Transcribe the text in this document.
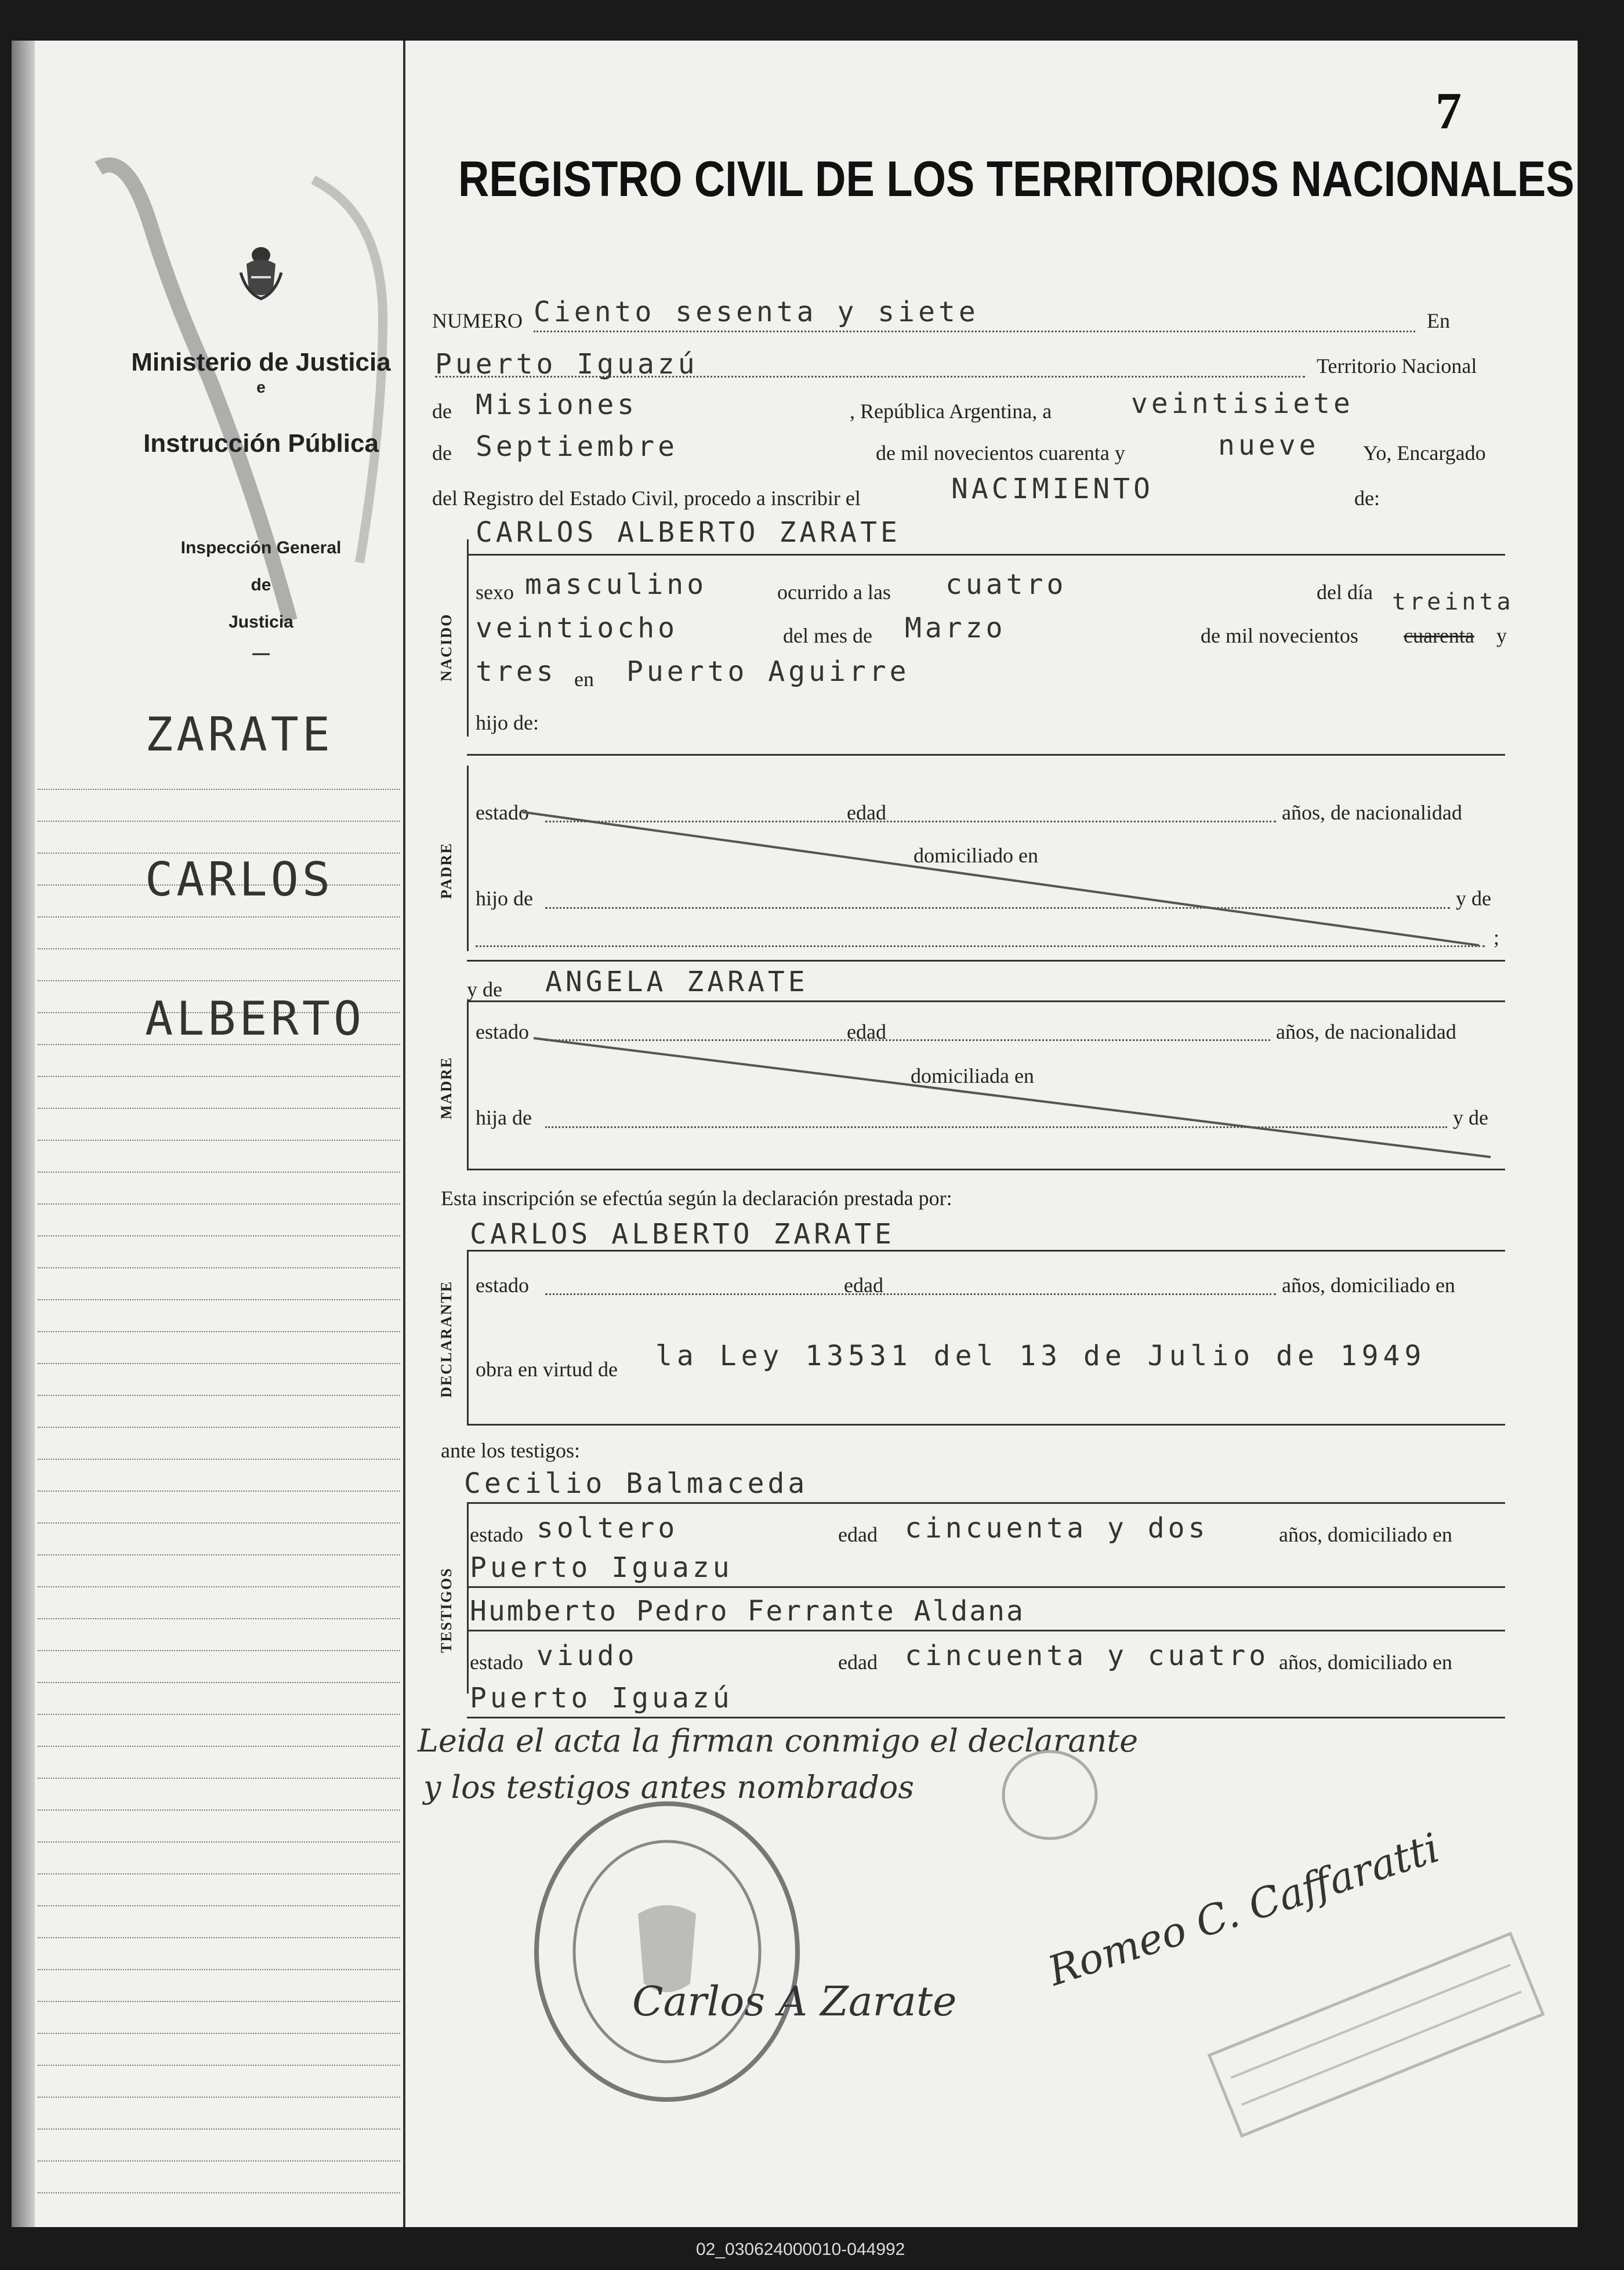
Ministerio de Justicia
e
Instrucción Pública
Inspección General
de
Justicia
—
ZARATE
CARLOS
ALBERTO
7
REGISTRO CIVIL DE LOS TERRITORIOS NACIONALES
NUMERO Ciento sesenta y siete	En
Puerto Iguazú	Territorio Nacional
de Misiones	, República Argentina, a	veintisiete
de Septiembre	de mil novecientos cuarenta y	nueve Yo, Encargado
del Registro del Estado Civil, procedo a inscribir el	NACIMIENTO	de:
NACIDO
CARLOS ALBERTO ZARATE
sexo masculino	ocurrido a las cuatro	del día treinta
veintiocho	del mes de Marzo	de mil novecientos cuarenta y
tres en Puerto Aguirre
hijo de:
PADRE
estado	edad	años, de nacionalidad
domiciliado en
hijo de	y de
;
y de ANGELA ZARATE
MADRE
estado	edad	años, de nacionalidad
domiciliada en
hija de	y de
Esta inscripción se efectúa según la declaración prestada por:
CARLOS ALBERTO ZARATE
DECLARANTE estado	edad	años, domiciliado en
obra en virtud de la Ley 13531 del 13 de Julio de 1949
ante los testigos:
TESTIGOS
Cecilio Balmaceda
estado soltero	edad cincuenta y dos	años, domiciliado en
Puerto Iguazu
Humberto Pedro Ferrante Aldana
estado viudo	edad cincuenta y cuatro años, domiciliado en
Puerto Iguazú
Leida el acta la firman conmigo el declarante
y los testigos antes nombrados
Carlos A Zarate
Romeo C. Caffaratti
02_030624000010-044992
